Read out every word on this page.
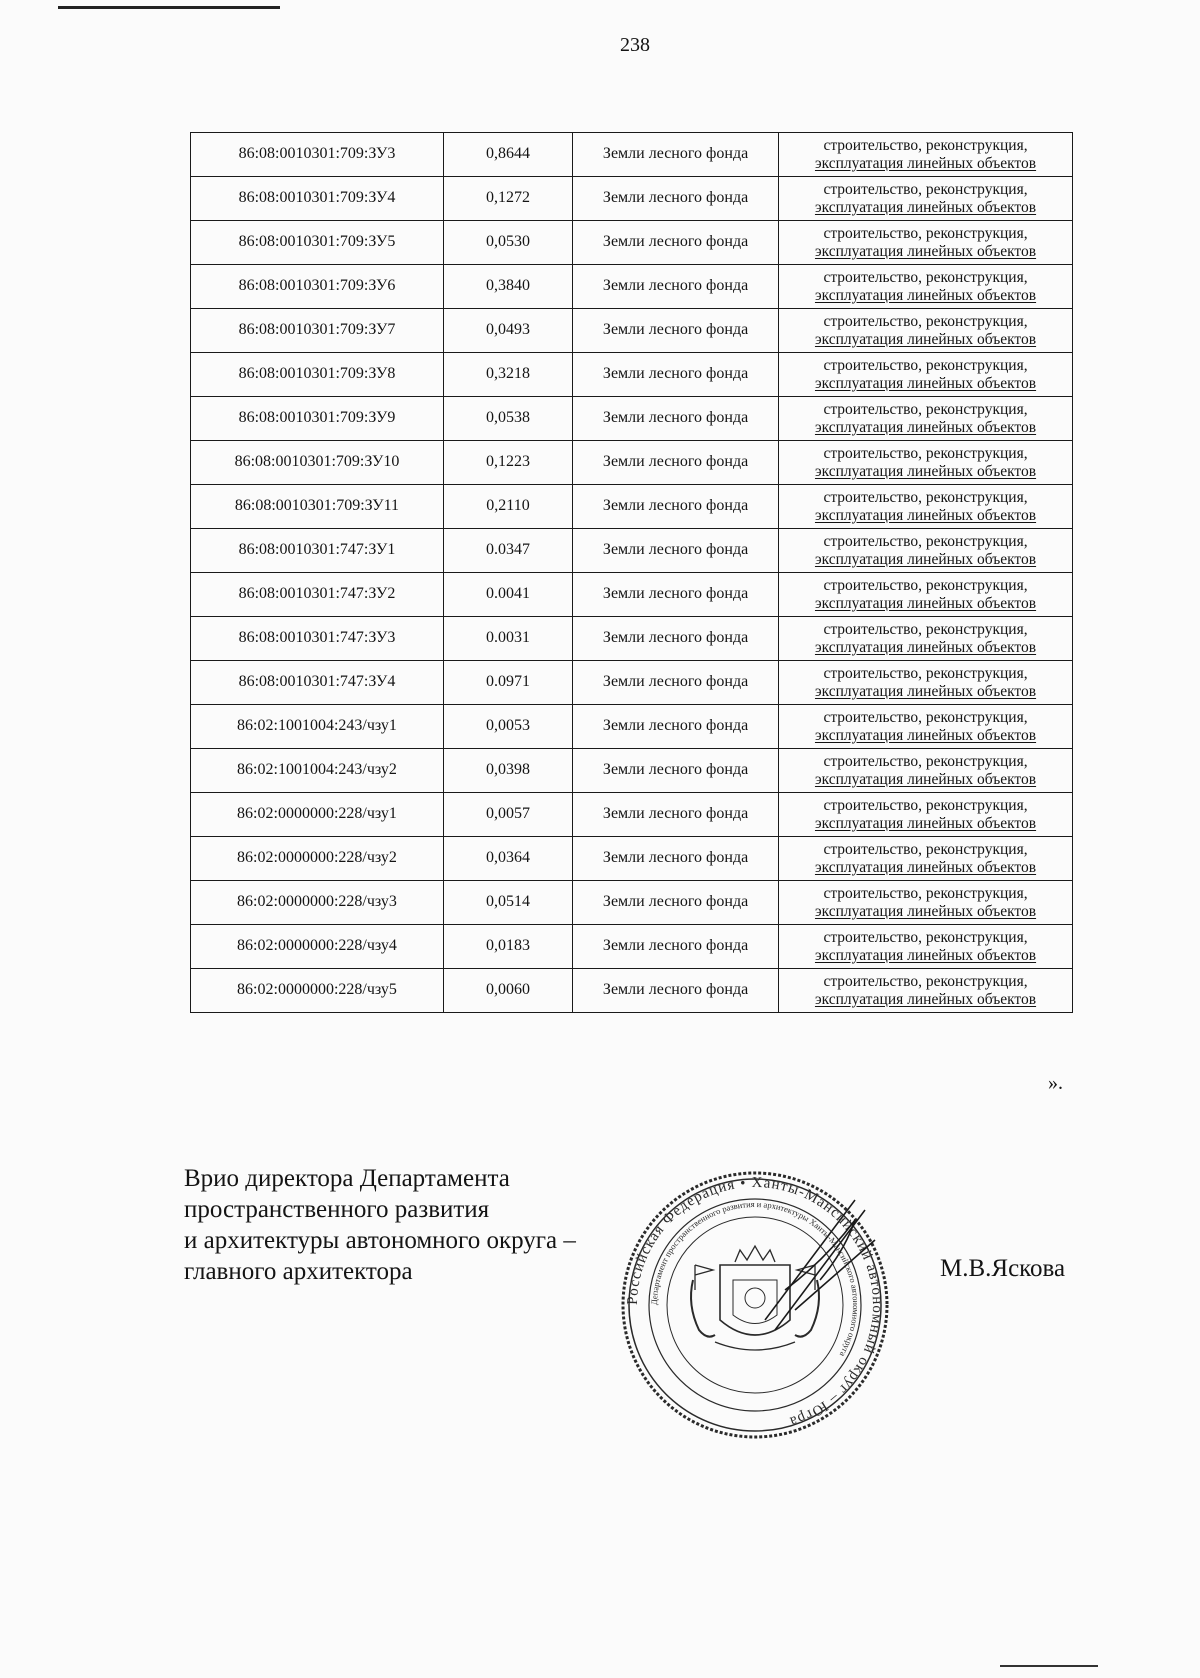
238
86:08:0010301:709:ЗУ3	0,8644	Земли лесного фонда	строительство, реконструкция,
эксплуатация линейных объектов

86:08:0010301:709:ЗУ4	0,1272	Земли лесного фонда	строительство, реконструкция,
эксплуатация линейных объектов

86:08:0010301:709:ЗУ5	0,0530	Земли лесного фонда	строительство, реконструкция,
эксплуатация линейных объектов

86:08:0010301:709:ЗУ6	0,3840	Земли лесного фонда	строительство, реконструкция,
эксплуатация линейных объектов

86:08:0010301:709:ЗУ7	0,0493	Земли лесного фонда	строительство, реконструкция,
эксплуатация линейных объектов

86:08:0010301:709:ЗУ8	0,3218	Земли лесного фонда	строительство, реконструкция,
эксплуатация линейных объектов

86:08:0010301:709:ЗУ9	0,0538	Земли лесного фонда	строительство, реконструкция,
эксплуатация линейных объектов

86:08:0010301:709:ЗУ10	0,1223	Земли лесного фонда	строительство, реконструкция,
эксплуатация линейных объектов

86:08:0010301:709:ЗУ11	0,2110	Земли лесного фонда	строительство, реконструкция,
эксплуатация линейных объектов

86:08:0010301:747:ЗУ1	0.0347	Земли лесного фонда	строительство, реконструкция,
эксплуатация линейных объектов

86:08:0010301:747:ЗУ2	0.0041	Земли лесного фонда	строительство, реконструкция,
эксплуатация линейных объектов

86:08:0010301:747:ЗУ3	0.0031	Земли лесного фонда	строительство, реконструкция,
эксплуатация линейных объектов

86:08:0010301:747:ЗУ4	0.0971	Земли лесного фонда	строительство, реконструкция,
эксплуатация линейных объектов

86:02:1001004:243/чзу1	0,0053	Земли лесного фонда	строительство, реконструкция,
эксплуатация линейных объектов

86:02:1001004:243/чзу2	0,0398	Земли лесного фонда	строительство, реконструкция,
эксплуатация линейных объектов

86:02:0000000:228/чзу1	0,0057	Земли лесного фонда	строительство, реконструкция,
эксплуатация линейных объектов

86:02:0000000:228/чзу2	0,0364	Земли лесного фонда	строительство, реконструкция,
эксплуатация линейных объектов

86:02:0000000:228/чзу3	0,0514	Земли лесного фонда	строительство, реконструкция,
эксплуатация линейных объектов

86:02:0000000:228/чзу4	0,0183	Земли лесного фонда	строительство, реконструкция,
эксплуатация линейных объектов

86:02:0000000:228/чзу5	0,0060	Земли лесного фонда	строительство, реконструкция,
эксплуатация линейных объектов
».
Врио директора Департамента
пространственного развития
и архитектуры автономного округа –
главного архитектора
Российская Федерация • Ханты-Мансийский автономный округ – Югра
Департамент пространственного развития и архитектуры Ханты-Мансийского автономного округа
М.В.Яскова
